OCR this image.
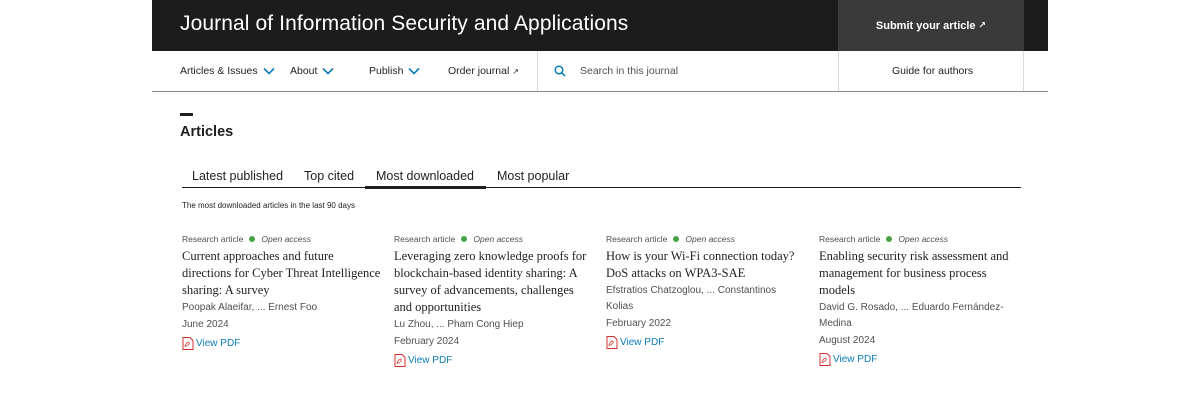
Journal of Information Security and Applications	Submit your article ↗
Articles & Issues	About	Publish	Order journal ↗
Search in this journal	Guide for authors
Articles
Latest published Top cited	Most downloaded	Most popular
The most downloaded articles in the last 90 days
Research article Open access
Current approaches and future directions for Cyber Threat Intelligence sharing: A survey
Poopak Alaeifar, ... Ernest Foo
June 2024
View PDF
Research article Open access
Leveraging zero knowledge proofs for blockchain-based identity sharing: A survey of advancements, challenges and opportunities
Lu Zhou, ... Pham Cong Hiep
February 2024
View PDF
Research article Open access
How is your Wi-Fi connection today? DoS attacks on WPA3-SAE
Efstratios Chatzoglou, ... Constantinos Kolias
February 2022
View PDF
Research article Open access
Enabling security risk assessment and management for business process models
David G. Rosado, ... Eduardo Fernández-Medina
August 2024
View PDF
